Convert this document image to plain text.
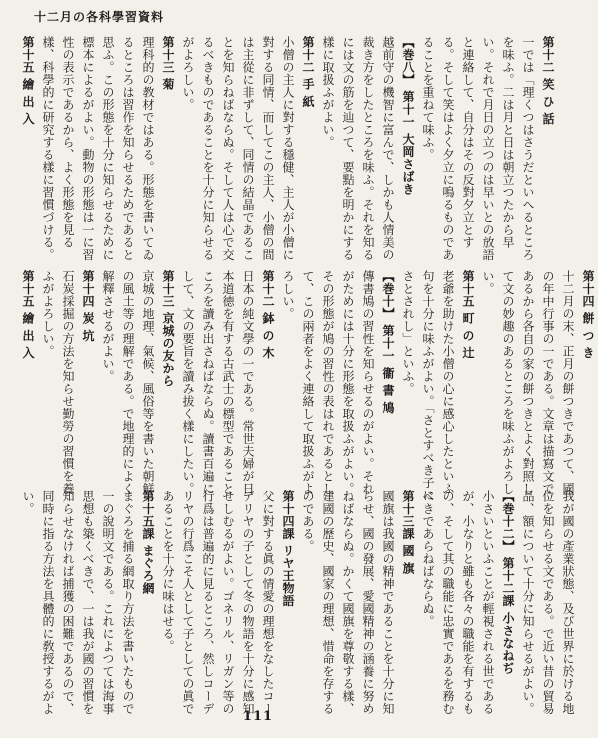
十二月の各科學習資料

第十二 笑 ひ 話

一では「理くつはさうだといへるところを味ふ。二は月と日は朝立つたから早い。それで月日の立つのは早いとの放語と連絡して、自分はその反對夕立とする。そして笑はよく夕立に鳴るものであることを重ねて味ふ。

【巻八】 第十一 大岡さばき

越前守の機智に富んで、しかも人情美の裁き方をしたところを味ふ。それを知るには文の筋を辿つて、要點を明かにする樣に取扱ふがよい。

第十二 手 紙

小僧の主人に對する穩健、主人が小僧に對する同情、而してこの主人、小僧の間は主從に非ずして、同情の結晶であることを知らねばならぬ。そして人は心で交るべきものであることを十分に知らせるがよろしい。

第十三 菊

理科的の教材ではある。形態を書いてゐるところは習作を知らせるためであると思ふ。この形態を十分に知らせるために標本によるがよい。動物の形態は一に習性の表示であるから、よく形態を見る樣、科學的に研究する樣に習慣づける。

第十五 繪 出 入

第十四 餅 つ き

十二月の末、正月の餅つきであつて、國の年中行事の一である。文章は描寫文であるから各自の家の餅つきとよく對照して文の妙趣のあるところを味ふがよろしい。

第十五 町 の 辻

老爺を助けた小僧の心に感心したといふ句を十分に味ふがよい。「さとすべき子にさとされし」といふ。

【巻十】 第十一 衞 書 鳩

傳書鳩の習性を知らせるのがよい。それがためには十分に形態を取扱ふがよい。その形態が鳩の習性の表はれであるとして、この兩者をよく連絡して取扱ふがよろしい。

第十二 鉢 の 木

日本の純文學の一である。常世夫婦が日本道徳を有する古武士の標型であることころを讀み出さねばならぬ。讀書百遍にして、文の要旨を讀み拔く樣にしたい。

第十三 京城の友から

京城の地理、氣候、風俗等を書いた朝鮮の風土等の理解である。で地理的によく解釋させるがよい。

第十四 炭 坑

石炭採掘の方法を知らせ勤勞の習慣を養ふがよろしい。

第十五 繪 出 入

我が國の產業狀態、及び世界に於ける地位を知らせる文である。で近い昔の貿易品、額について十分に知らせるがよい。

【巻十二】 第十二課 小さなねぢ

小さいといふことが輕視される世であるが、小なりと雖も各々の職能を有するもの、そして其の職能に忠實であるを務むべきであらねばならぬ。

第十三課 國 旗

國旗は我國の精神であることを十分に知らせ、國の發展、愛國精神の涵養に努めねばならぬ。かくて國旗を尊敬する樣、建國の歷史、國家の理想、惜命を存するのである。

第十四課 リヤ王物語

父に對する眞の情愛の理想をなしたコーデリヤの子として冬の物語を十分に感知せしむるがよい。ゴネリル、リガン等の行爲は普遍的に見るところ、然しコーデリヤの行爲こそ人として子としての眞であることを十分に味はせる。

第十五課 まぐろ網

まぐろを捕る網取り方法を書いたもので一の說明文である。これによつては海事思想も築くべきで、一は我が國の習慣を知らせなければ捕獲の困難であるので、同時に指る方法を具體的に敎授するがよい。

111
